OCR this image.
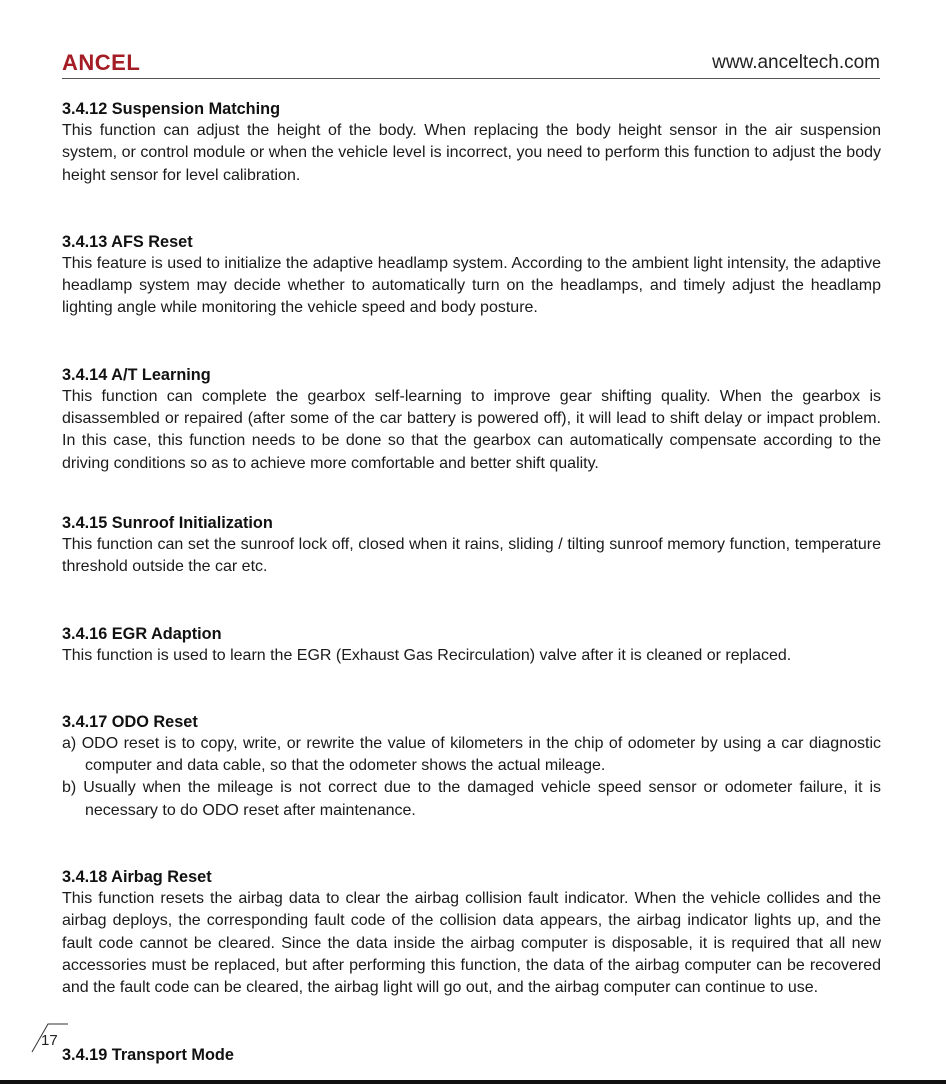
ANCEL	www.anceltech.com
3.4.12 Suspension Matching

This function can adjust the height of the body. When replacing the body height sensor in the air suspension system, or control module or when the vehicle level is incorrect, you need to perform this function to adjust the body height sensor for level calibration.

3.4.13 AFS Reset

This feature is used to initialize the adaptive headlamp system. According to the ambient light intensity, the adaptive headlamp system may decide whether to automatically turn on the headlamps, and timely adjust the headlamp lighting angle while monitoring the vehicle speed and body posture.

3.4.14 A/T Learning

This function can complete the gearbox self-learning to improve gear shifting quality. When the gearbox is disassembled or repaired (after some of the car battery is powered off), it will lead to shift delay or impact problem. In this case, this function needs to be done so that the gearbox can automatically compensate according to the driving conditions so as to achieve more comfortable and better shift quality.

3.4.15 Sunroof Initialization

This function can set the sunroof lock off, closed when it rains, sliding / tilting sunroof memory function, temperature threshold outside the car etc.

3.4.16 EGR Adaption

This function is used to learn the EGR (Exhaust Gas Recirculation) valve after it is cleaned or replaced.

3.4.17 ODO Reset

a) ODO reset is to copy, write, or rewrite the value of kilometers in the chip of odometer by using a car diagnostic computer and data cable, so that the odometer shows the actual mileage.

b) Usually when the mileage is not correct due to the damaged vehicle speed sensor or odometer failure, it is necessary to do ODO reset after maintenance.

3.4.18 Airbag Reset

This function resets the airbag data to clear the airbag collision fault indicator. When the vehicle collides and the airbag deploys, the corresponding fault code of the collision data appears, the airbag indicator lights up, and the fault code cannot be cleared. Since the data inside the airbag computer is disposable, it is required that all new accessories must be replaced, but after performing this function, the data of the airbag computer can be recovered and the fault code can be cleared, the airbag light will go out, and the airbag computer can continue to use.

3.4.19 Transport Mode
17
